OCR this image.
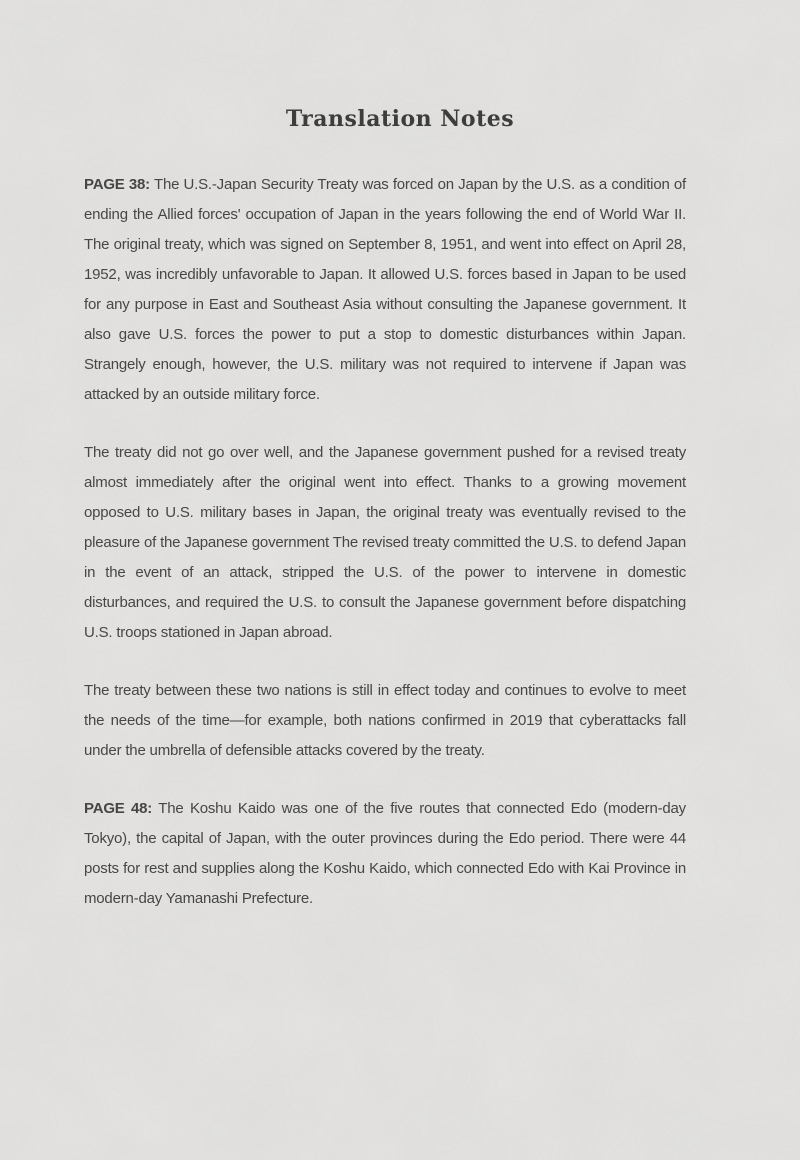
Translation Notes

PAGE 38: The U.S.-Japan Security Treaty was forced on Japan by the U.S. as a condition of ending the Allied forces' occupation of Japan in the years following the end of World War II. The original treaty, which was signed on September 8, 1951, and went into effect on April 28, 1952, was incredibly unfavorable to Japan. It allowed U.S. forces based in Japan to be used for any purpose in East and Southeast Asia without consulting the Japanese government. It also gave U.S. forces the power to put a stop to domestic disturbances within Japan. Strangely enough, however, the U.S. military was not required to intervene if Japan was attacked by an outside military force.

The treaty did not go over well, and the Japanese government pushed for a revised treaty almost immediately after the original went into effect. Thanks to a growing movement opposed to U.S. military bases in Japan, the original treaty was eventually revised to the pleasure of the Japanese government The revised treaty committed the U.S. to defend Japan in the event of an attack, stripped the U.S. of the power to intervene in domestic disturbances, and required the U.S. to consult the Japanese government before dispatching U.S. troops stationed in Japan abroad.

The treaty between these two nations is still in effect today and continues to evolve to meet the needs of the time—for example, both nations confirmed in 2019 that cyberattacks fall under the umbrella of defensible attacks covered by the treaty.

PAGE 48: The Koshu Kaido was one of the five routes that connected Edo (modern-day Tokyo), the capital of Japan, with the outer provinces during the Edo period. There were 44 posts for rest and supplies along the Koshu Kaido, which connected Edo with Kai Province in modern-day Yamanashi Prefecture.
